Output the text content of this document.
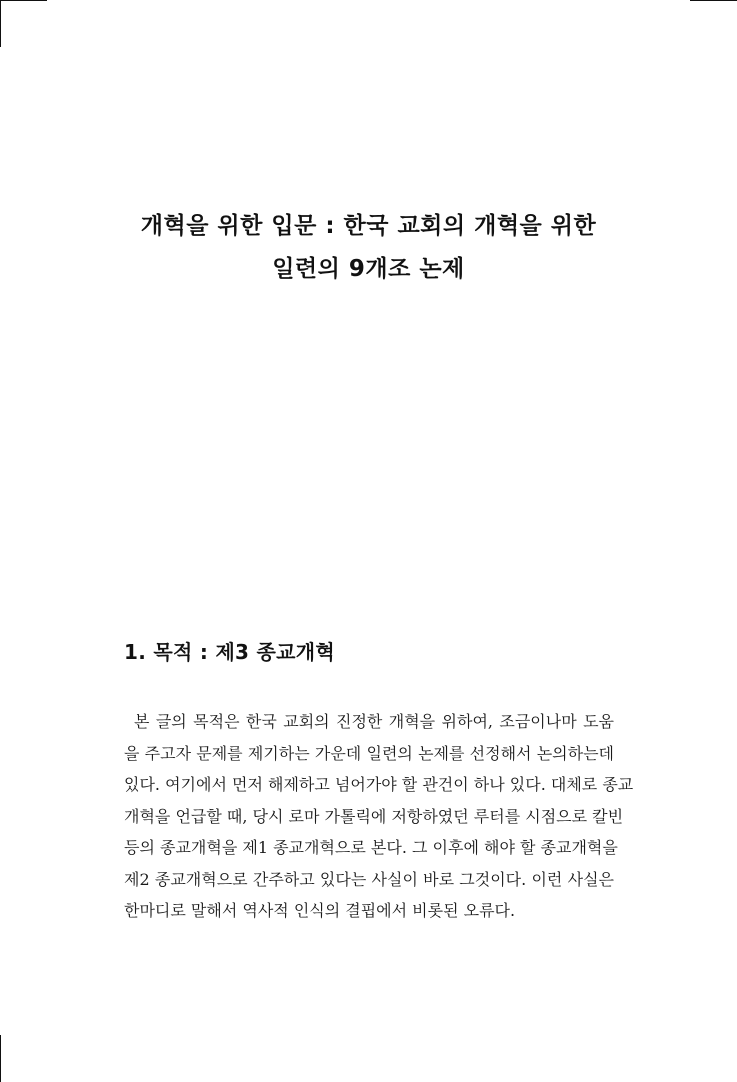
개혁을 위한 입문 : 한국 교회의 개혁을 위한
일련의 9개조 논제
1. 목적 : 제3 종교개혁
본 글의 목적은 한국 교회의 진정한 개혁을 위하여, 조금이나마 도움
을 주고자 문제를 제기하는 가운데 일련의 논제를 선정해서 논의하는데
있다. 여기에서 먼저 해제하고 넘어가야 할 관건이 하나 있다. 대체로 종교
개혁을 언급할 때, 당시 로마 가톨릭에 저항하였던 루터를 시점으로 칼빈
등의 종교개혁을 제1 종교개혁으로 본다. 그 이후에 해야 할 종교개혁을
제2 종교개혁으로 간주하고 있다는 사실이 바로 그것이다. 이런 사실은
한마디로 말해서 역사적 인식의 결핍에서 비롯된 오류다.
